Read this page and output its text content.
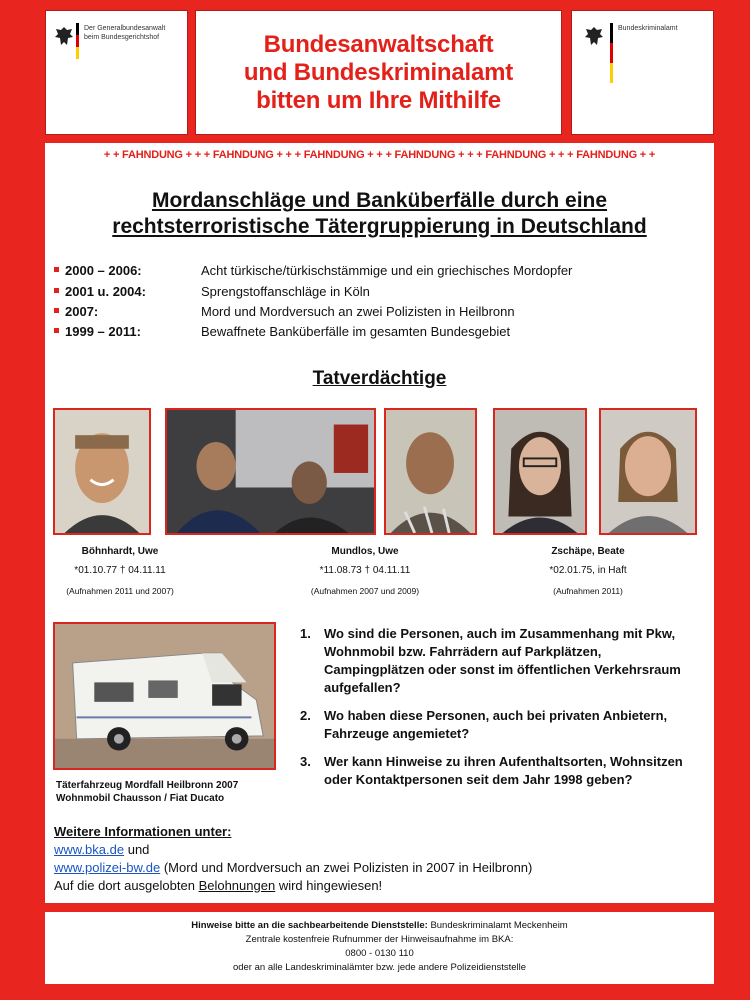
Der Generalbundesanwalt
beim Bundesgerichtshof	Bundesanwaltschaft
und Bundeskriminalamt
bitten um Ihre Mithilfe
Bundeskriminalamt
+ + FAHNDUNG + + + FAHNDUNG + + + FAHNDUNG + + + FAHNDUNG + + + FAHNDUNG + + + FAHNDUNG + +
Mordanschläge und Banküberfälle durch eine
rechtsterroristische Tätergruppierung in Deutschland
2000 – 2006:	Acht türkische/türkischstämmige und ein griechisches Mordopfer
2001 u. 2004:	Sprengstoffanschläge in Köln
2007:	Mord und Mordversuch an zwei Polizisten in Heilbronn
1999 – 2011:	Bewaffnete Banküberfälle im gesamten Bundesgebiet
Tatverdächtige
Böhnhardt, Uwe
*01.10.77 † 04.11.11
(Aufnahmen 2011 und 2007)
Mundlos, Uwe
*11.08.73 † 04.11.11
(Aufnahmen 2007 und 2009)
Zschäpe, Beate
*02.01.75, in Haft
(Aufnahmen 2011)
Täterfahrzeug Mordfall Heilbronn 2007
Wohnmobil Chausson / Fiat Ducato
1.	Wo sind die Personen, auch im Zusammenhang mit Pkw, Wohnmobil bzw. Fahrrädern auf Parkplätzen, Campingplätzen oder sonst im öffentlichen Verkehrsraum aufgefallen?
2.	Wo haben diese Personen, auch bei privaten Anbietern, Fahrzeuge angemietet?
3.	Wer kann Hinweise zu ihren Aufenthaltsorten, Wohnsitzen oder Kontaktpersonen seit dem Jahr 1998 geben?
Weitere Informationen unter:
www.bka.de und
www.polizei-bw.de (Mord und Mordversuch an zwei Polizisten in 2007 in Heilbronn)
Auf die dort ausgelobten Belohnungen wird hingewiesen!
Hinweise bitte an die sachbearbeitende Dienststelle: Bundeskriminalamt Meckenheim
Zentrale kostenfreie Rufnummer der Hinweisaufnahme im BKA:
0800 - 0130 110
oder an alle Landeskriminalämter bzw. jede andere Polizeidienststelle
